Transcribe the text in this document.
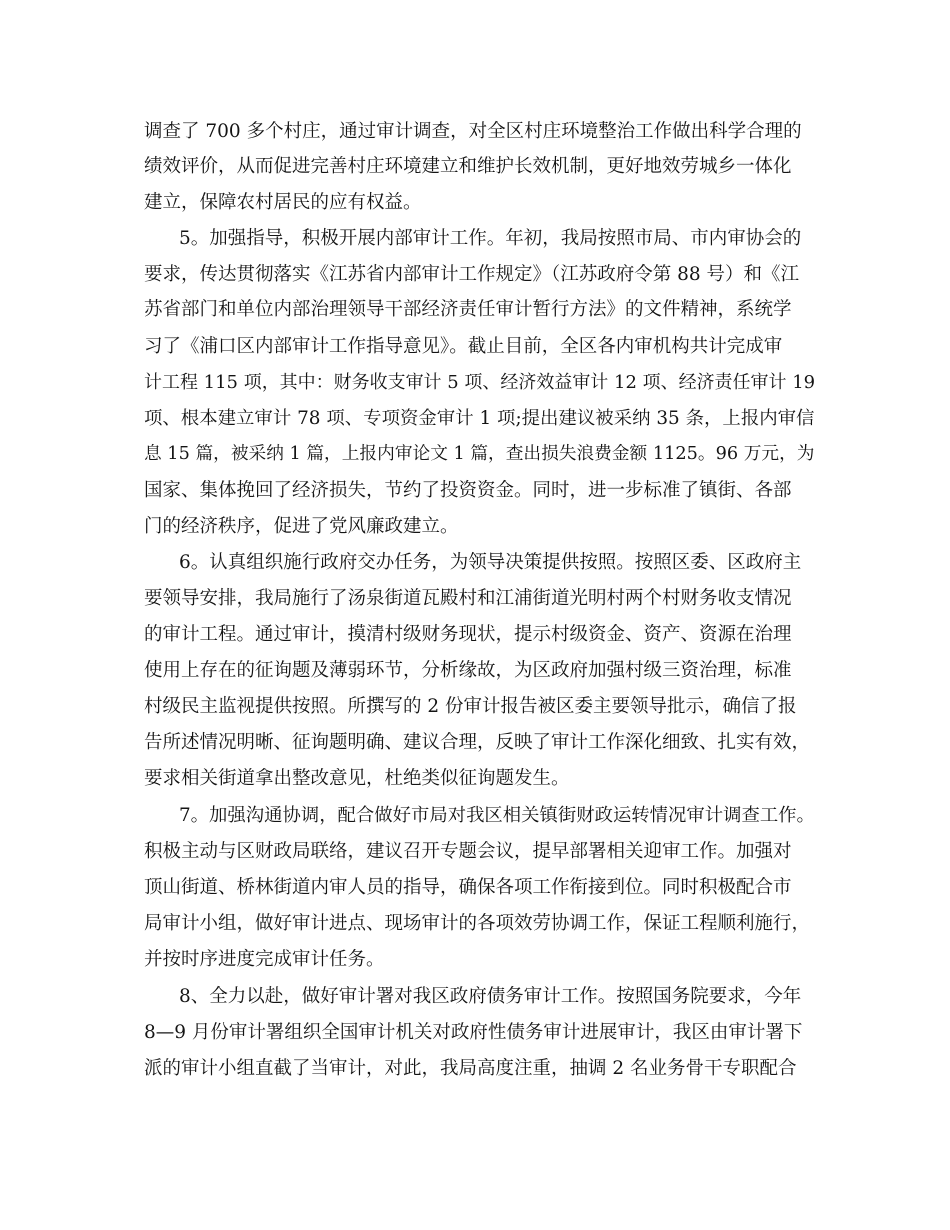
调查了 700 多个村庄，通过审计调查，对全区村庄环境整治工作做出科学合理的
绩效评价，从而促进完善村庄环境建立和维护长效机制，更好地效劳城乡一体化
建立，保障农村居民的应有权益。
5。加强指导，积极开展内部审计工作。年初，我局按照市局、市内审协会的
要求，传达贯彻落实《江苏省内部审计工作规定》（江苏政府令第 88 号）和《江
苏省部门和单位内部治理领导干部经济责任审计暂行方法》的文件精神，系统学
习了《浦口区内部审计工作指导意见》。截止目前，全区各内审机构共计完成审
计工程 115 项，其中：财务收支审计 5 项、经济效益审计 12 项、经济责任审计 19
项、根本建立审计 78 项、专项资金审计 1 项;提出建议被采纳 35 条，上报内审信
息 15 篇，被采纳 1 篇，上报内审论文 1 篇，查出损失浪费金额 1125。96 万元，为
国家、集体挽回了经济损失，节约了投资资金。同时，进一步标准了镇街、各部
门的经济秩序，促进了党风廉政建立。
6。认真组织施行政府交办任务，为领导决策提供按照。按照区委、区政府主
要领导安排，我局施行了汤泉街道瓦殿村和江浦街道光明村两个村财务收支情况
的审计工程。通过审计，摸清村级财务现状，提示村级资金、资产、资源在治理
使用上存在的征询题及薄弱环节，分析缘故，为区政府加强村级三资治理，标准
村级民主监视提供按照。所撰写的 2 份审计报告被区委主要领导批示，确信了报
告所述情况明晰、征询题明确、建议合理，反映了审计工作深化细致、扎实有效，
要求相关街道拿出整改意见，杜绝类似征询题发生。
7。加强沟通协调，配合做好市局对我区相关镇街财政运转情况审计调查工作。
积极主动与区财政局联络，建议召开专题会议，提早部署相关迎审工作。加强对
顶山街道、桥林街道内审人员的指导，确保各项工作衔接到位。同时积极配合市
局审计小组，做好审计进点、现场审计的各项效劳协调工作，保证工程顺利施行，
并按时序进度完成审计任务。
8、全力以赴，做好审计署对我区政府债务审计工作。按照国务院要求，今年
8—9 月份审计署组织全国审计机关对政府性债务审计进展审计，我区由审计署下
派的审计小组直截了当审计，对此，我局高度注重，抽调 2 名业务骨干专职配合
